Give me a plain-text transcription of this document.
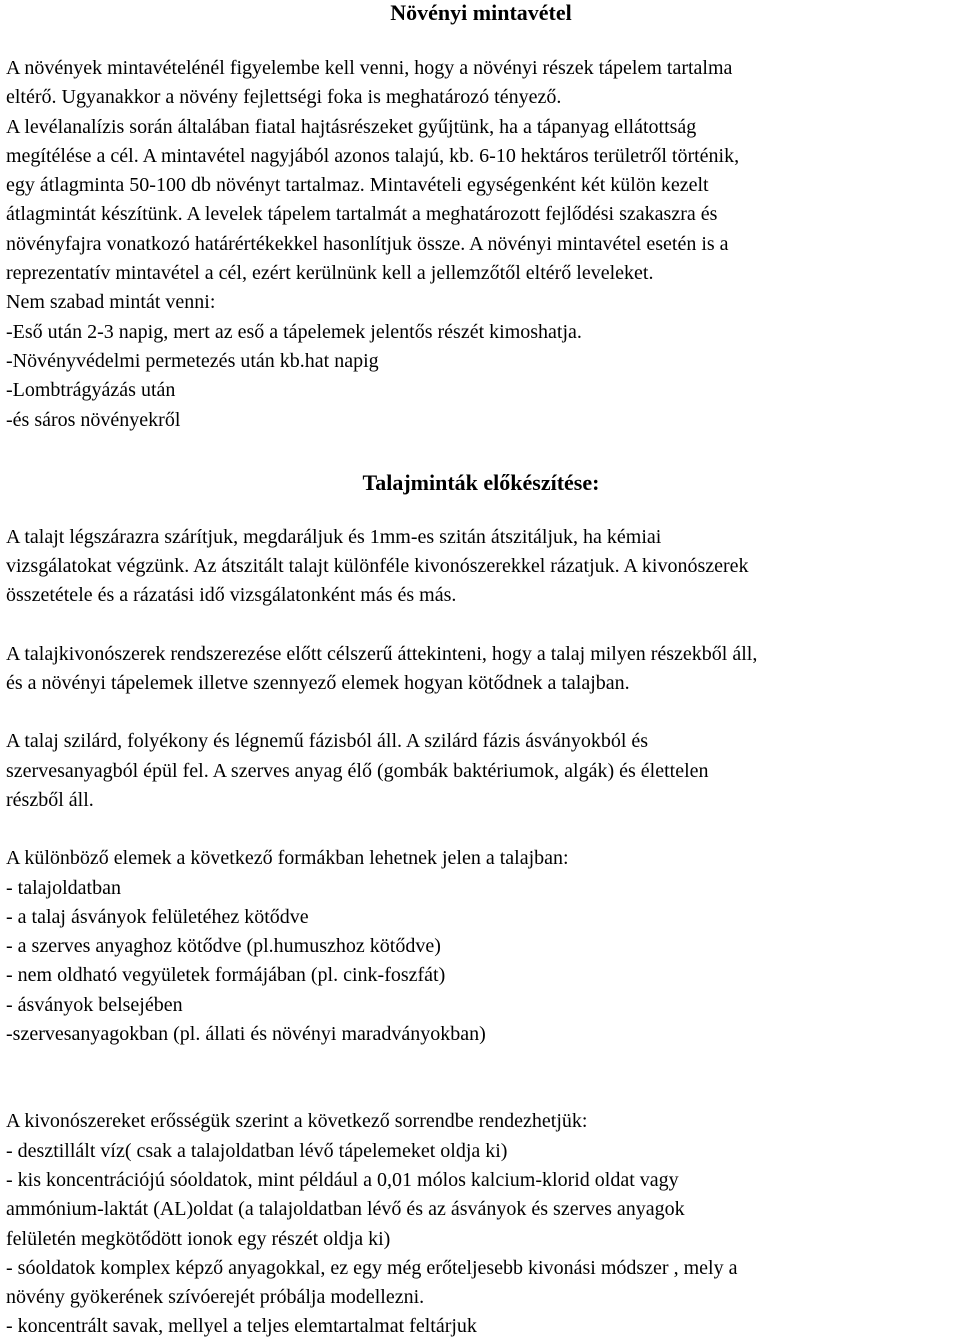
Növényi mintavétel

A növények mintavételénél figyelembe kell venni, hogy a növényi részek tápelem tartalma

eltérő. Ugyanakkor a növény fejlettségi foka is meghatározó tényező.

A levélanalízis során általában fiatal hajtásrészeket gyűjtünk, ha a tápanyag ellátottság

megítélése a cél. A mintavétel nagyjából azonos talajú, kb. 6-10 hektáros területről történik,

egy átlagminta 50-100 db növényt tartalmaz. Mintavételi egységenként két külön kezelt

átlagmintát készítünk. A levelek tápelem tartalmát a meghatározott fejlődési szakaszra és

növényfajra vonatkozó határértékekkel hasonlítjuk össze. A növényi mintavétel esetén is a

reprezentatív mintavétel a cél, ezért kerülnünk kell a jellemzőtől eltérő leveleket.

Nem szabad mintát venni:

-Eső után 2-3 napig, mert az eső a tápelemek jelentős részét kimoshatja.

-Növényvédelmi permetezés után kb.hat napig

-Lombtrágyázás után

-és sáros növényekről

Talajminták előkészítése:

A talajt légszárazra szárítjuk, megdaráljuk és 1mm-es szitán átszitáljuk, ha kémiai

vizsgálatokat végzünk. Az átszitált talajt különféle kivonószerekkel rázatjuk. A kivonószerek

összetétele és a rázatási idő vizsgálatonként más és más.

A talajkivonószerek rendszerezése előtt célszerű áttekinteni, hogy a talaj milyen részekből áll,

és a növényi tápelemek illetve szennyező elemek hogyan kötődnek a talajban.

A talaj szilárd, folyékony és légnemű fázisból áll. A szilárd fázis ásványokból és

szervesanyagból épül fel. A szerves anyag élő (gombák baktériumok, algák) és élettelen

részből áll.

A különböző elemek a következő formákban lehetnek jelen a talajban:

- talajoldatban

- a talaj ásványok felületéhez kötődve

- a szerves anyaghoz kötődve (pl.humuszhoz kötődve)

- nem oldható vegyületek formájában (pl. cink-foszfát)

- ásványok belsejében

-szervesanyagokban (pl. állati és növényi maradványokban)

A kivonószereket erősségük szerint a következő sorrendbe rendezhetjük:

- desztillált víz( csak a talajoldatban lévő tápelemeket oldja ki)

- kis koncentrációjú sóoldatok, mint például a 0,01 mólos kalcium-klorid oldat vagy

ammónium-laktát (AL)oldat (a talajoldatban lévő és az ásványok és szerves anyagok

felületén megkötődött ionok egy részét oldja ki)

- sóoldatok komplex képző anyagokkal, ez egy még erőteljesebb kivonási módszer , mely a

növény gyökerének szívóerejét próbálja modellezni.

- koncentrált savak, mellyel a teljes elemtartalmat feltárjuk
